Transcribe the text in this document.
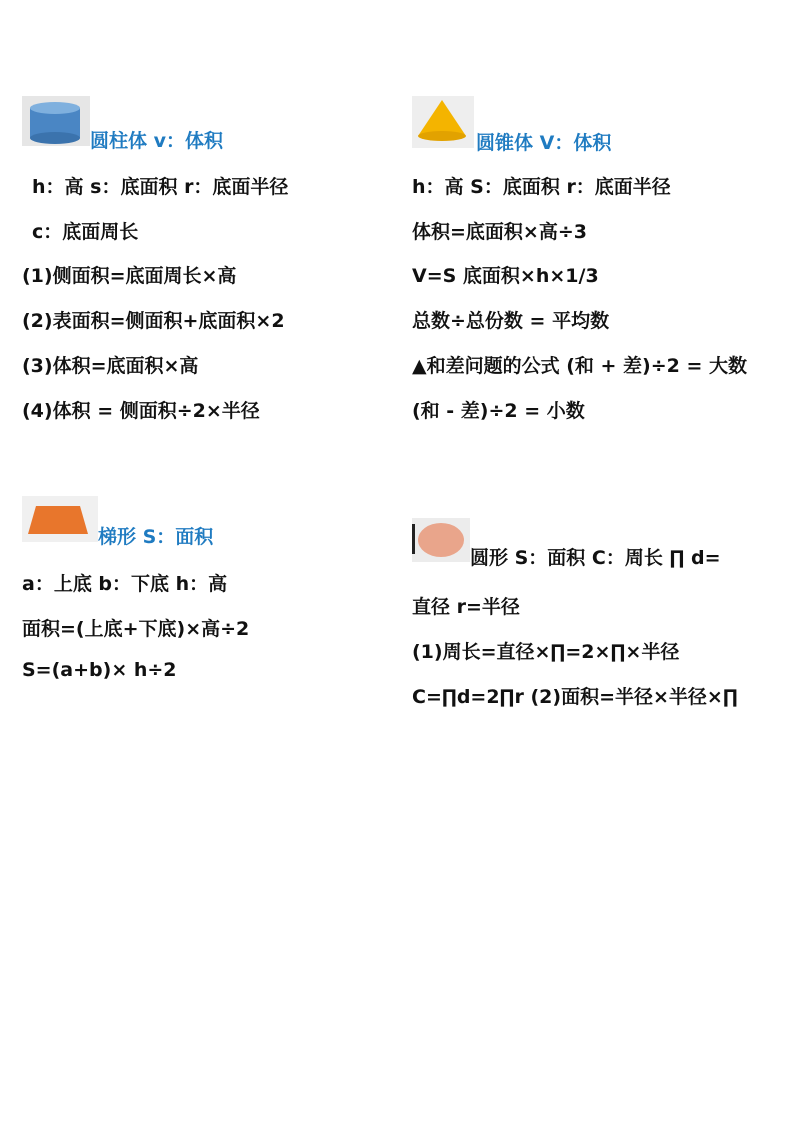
圆柱体 v：体积
h：高 s：底面积 r：底面半径
c：底面周长
(1)侧面积=底面周长×高
(2)表面积=侧面积+底面积×2
(3)体积=底面积×高
(4)体积 = 侧面积÷2×半径
圆锥体 V：体积
h：高 S：底面积 r：底面半径
体积=底面积×高÷3
V=S 底面积×h×1/3
总数÷总份数 = 平均数
▲和差问题的公式 (和 + 差)÷2 = 大数
(和 - 差)÷2 = 小数
梯形 S：面积
a：上底 b：下底 h：高
面积=(上底+下底)×高÷2
S=(a+b)× h÷2
圆形 S：面积 C：周长 ∏ d=
直径 r=半径
(1)周长=直径×∏=2×∏×半径
C=∏d=2∏r (2)面积=半径×半径×∏
